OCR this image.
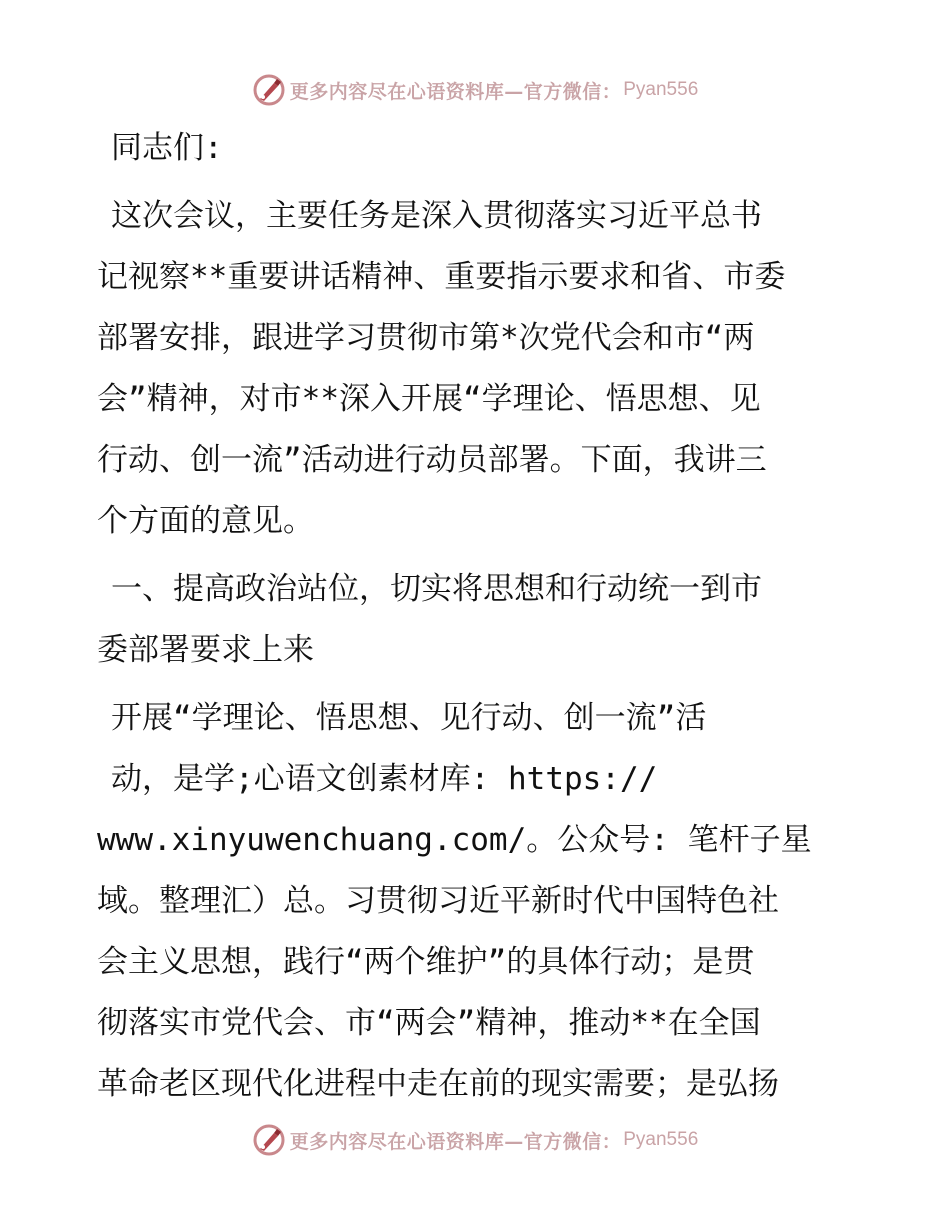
更多内容尽在心语资料库—官方微信： Pyan556
同志们:
这次会议，主要任务是深入贯彻落实习近平总书
记视察**重要讲话精神、重要指示要求和省、市委
部署安排，跟进学习贯彻市第*次党代会和市“两
会”精神，对市**深入开展“学理论、悟思想、见
行动、创一流”活动进行动员部署。下面，我讲三
个方面的意见。
一、提高政治站位，切实将思想和行动统一到市
委部署要求上来
开展“学理论、悟思想、见行动、创一流”活
动，是学;心语文创素材库: https://
www.xinyuwenchuang.com/。公众号: 笔杆子星
域。整理汇）总。习贯彻习近平新时代中国特色社
会主义思想，践行“两个维护”的具体行动；是贯
彻落实市党代会、市“两会”精神，推动**在全国
革命老区现代化进程中走在前的现实需要；是弘扬
更多内容尽在心语资料库—官方微信： Pyan556
